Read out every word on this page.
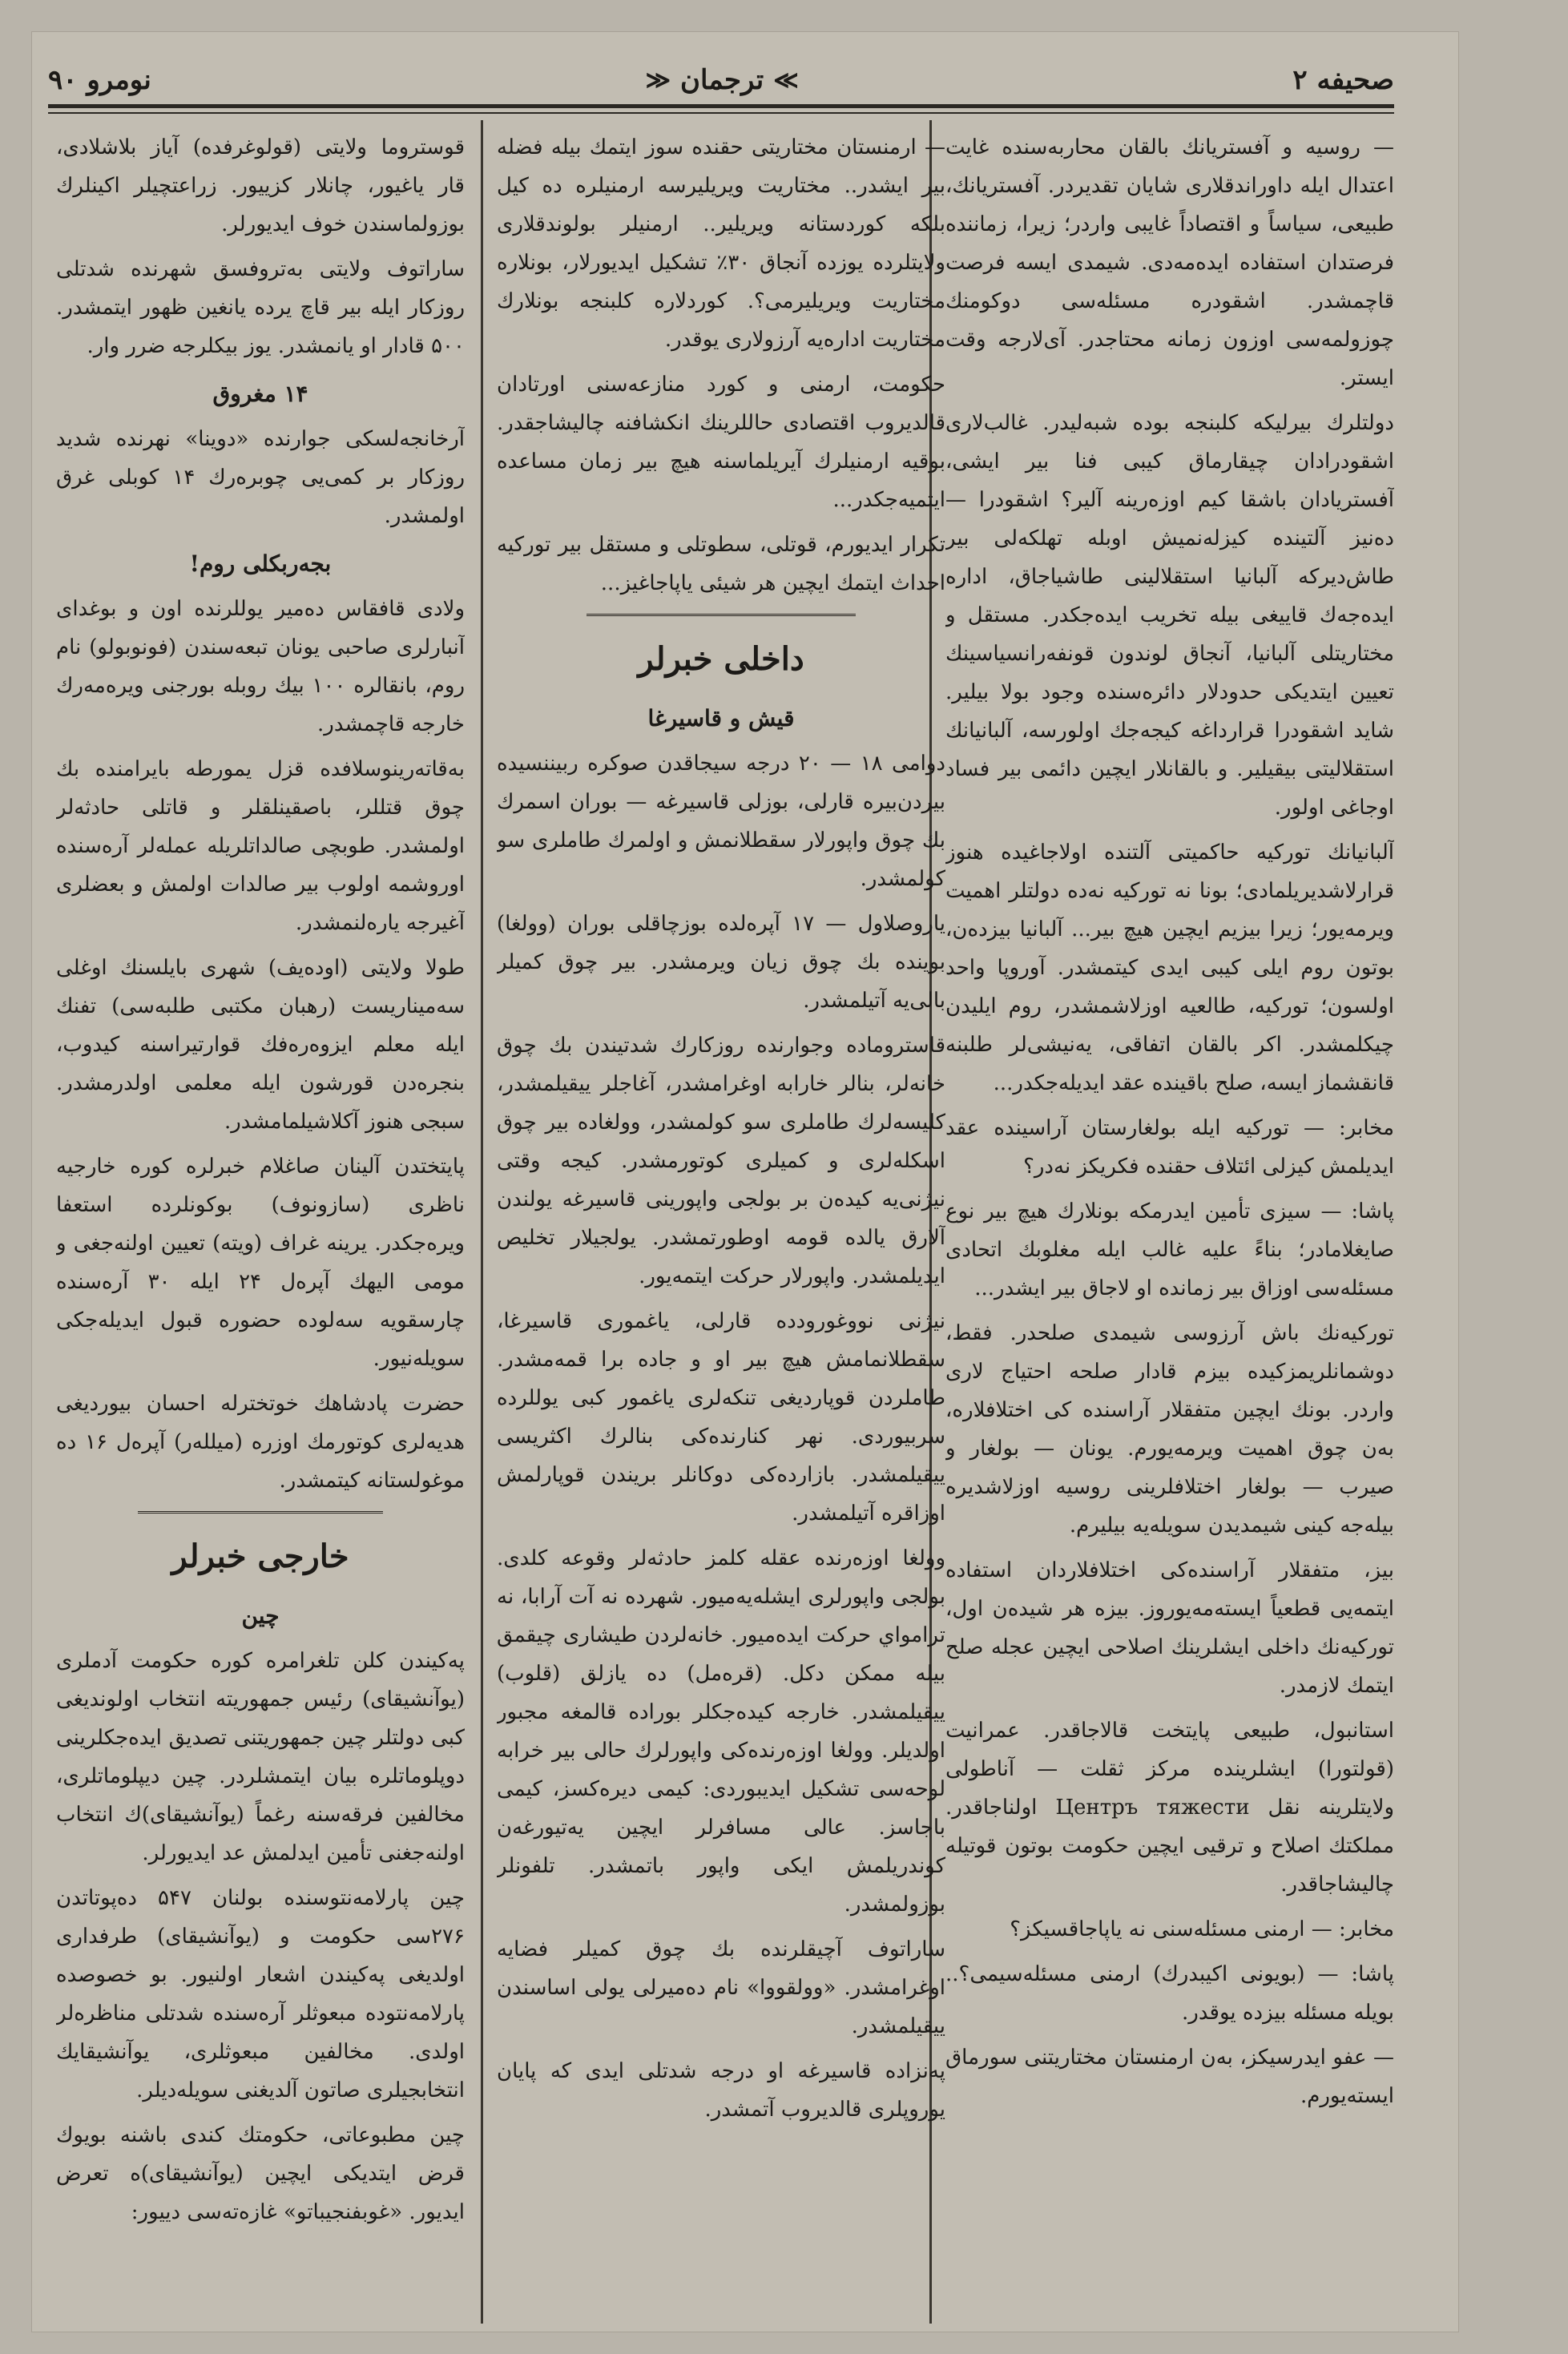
صحیفه ۲
≫
ترجمان
≪
نومرو ۹۰

— روسیه و آفستریانك بالقان محاربه‌سنده غایت اعتدال ایله داوراندقلاری شایان تقدیردر. آفستریانك، طبیعی، سیاساً و اقتصاداً غایبی واردر؛ زیرا، زماننده فرصتدان استفاده ایده‌مه‌دی. شیمدی ایسه فرصت قاچمشدر. اشقودره مسئله‌سی دوکومنك چوزولمه‌سی اوزون زمانه محتاجدر. آی‌لارجه وقت ایستر.

دولتلرك بیرلیکه کلبنجه بوده شبه‌لیدر. غالب‌لاری اشقودرادان چیقارماق کیبی فنا بیر ایشی، آفستریادان باشقا کیم اوزه‌رینه آلیر؟ اشقودرا — دەنیز آلتینده کیزله‌نمیش اوبله تهلکه‌لی بیر طاش‌دیرکه آلبانیا استقلالینی طاشیاجاق، اداره ایده‌جه‌ك قاییغی بیله تخریب ایده‌جکدر. مستقل و مختاریتلی آلبانیا، آنجاق لوندون قونفه‌رانسیاسینك تعیین ایتدیکی حدودلار دائره‌سنده وجود بولا بیلیر. شاید اشقودرا قرارداغه کیجه‌جك اولورسه، آلبانیانك استقلالیتی بیقیلیر. و بالقانلار ایچین دائمی بیر فساد اوجاغی اولور.

آلبانیانك تورکیه حاکمیتی آلتنده اولاجاغیده هنوز قرارلاشدیریلمادی؛ بونا نه تورکیه نەده دولتلر اهمیت ویرمه‌یور؛ زیرا بیزیم ایچین هیچ بیر... آلبانیا بیزده‌ن، بوتون روم ایلی کیبی ایدی کیتمشدر. آوروپا واحد اولسون؛ تورکیه، طالعیه اوزلاشمشدر، روم ایلیدن چیکلمشدر. اکر بالقان اتفاقی، یەنیشی‌لر طلبنه قانقشماز ایسه، صلح باقینده عقد ایدیلەجکدر...

مخابر: — تورکیه ایله بولغارستان آراسینده عقد ایدیلمش کیزلی ائتلاف حقنده فکریکز نه‌در؟

پاشا: — سیزی تأمین ایدرمکه بونلارك هیچ بیر نوع صایغلامادر؛ بناءً علیه غالب ایله مغلوبك اتحادی مسئله‌سی اوزاق بیر زمانده او لاجاق بیر ایشدر...

تورکیه‌نك باش آرزوسی شیمدی صلحدر. فقط، دوشمانلریمزکیده بیزم قادار صلحه احتیاج لاری واردر. بونك ایچین متفقلار آراسنده کی اختلافلاره، بەن چوق اهمیت ویرمه‌یورم. یونان — بولغار و صیرب — بولغار اختلافلرینی روسیه اوزلاشدیره بیله‌جه کینی شیمدیدن سویله‌یه بیلیرم.

بیز، متفقلار آراسنده‌کی اختلافلاردان استفاده ایتمه‌یی قطعیاً ایستەمەیوروز. بیزه هر شیدەن اول، تورکیه‌نك داخلی ایشلرینك اصلاحی ایچین عجله صلح ایتمك لازمدر.

استانبول، طبیعی پایتخت قالاجاقدر. عمرانیت (قولتورا) ایشلرینده مرکز ثقلت — آناطولی ولایتلرینه نقل Центръ тяжести اولناجاقدر. مملکتك اصلاح و ترقیی ایچین حکومت بوتون قوتیله چالیشاجاقدر.

مخابر: — ارمنی مسئله‌سنی نه یاپاجاقسیکز؟

پاشا: — (بویونی اکیبدرك) ارمنی مسئله‌سیمی؟.. بویله مسئله بیزده یوقدر.

— عفو ایدرسیکز، بەن ارمنستان مختاریتنی سورماق ایسته‌یورم.

— ارمنستان مختاریتی حقنده سوز ایتمك بیله فضله بیر ایشدر.. مختاریت ویریلیرسه ارمنیلره ده کیل بلکه کوردستانه ویریلیر.. ارمنیلر بولوندقلاری ولایتلرده یوزده آنجاق ۳۰٪ تشکیل ایدیورلار، بونلاره مختاریت ویریلیرمی؟. کوردلاره کلبنجه بونلارك مختاریت اداره‌یه آرزولاری یوقدر.

حکومت، ارمنی و کورد منازعه‌سنی اورتادان قالدیروب اقتصادی حاللرینك انکشافنه چالیشاجقدر. بوقیه ارمنیلرك آیریلماسنه هیچ بیر زمان مساعده ایتمیه‌جکدر...

تکرار ایدیورم، قوتلی، سطوتلی و مستقل بیر تورکیه احداث ایتمك ایچین هر شیئی یاپاجاغیز...

داخلی خبرلر
قیش و قاسیرغا

دوامی ۱۸ — ۲۰ درجه سیجاقدن صوکره ربیننسیده بیردن‌بیره قارلی، بوزلی قاسیرغه — بوران اسمرك بك چوق واپورلار سقطلانمش و اولمرك طاملری سو کولمشدر.

یاروصلاول — ۱۷ آپره‌لده بوزچاقلی بوران (وولغا) بوینده بك چوق زیان ویرمشدر. بیر چوق کمیلر بالی‌یه آتیلمشدر.

قاستروماده وجوارنده روزکارك شدتیندن بك چوق خانەلر، بنالر خارابه اوغرامشدر، آغاجلر ییقیلمشدر، کلیسه‌لرك طاملری سو کولمشدر، وولغاده بیر چوق اسکله‌لری و کمیلری کوتورمشدر. کیجه وقتی نیژنی‌یه کیدەن بر بولجی واپورینی قاسیرغه یولندن آلارق یالده قومه اوطورتمشدر. یولجیلار تخلیص ایدیلمشدر. واپورلار حرکت ایتمه‌یور.

نیژنی نووغورودده قارلی، یاغموری قاسیرغا، سقطلانمامش هیچ بیر او و جاده برا قمه‌مشدر. طاملردن قوپاردیغی تنکه‌لری یاغمور کبی یوللرده سربیوردی. نهر کنارنده‌کی بنالرك اکثریسی ییقیلمشدر. بازارده‌کی دوکانلر بریندن قوپارلمش اوزاقره آتیلمشدر.

وولغا اوزه‌رنده عقله کلمز حادثه‌لر وقوعه کلدی. بولجی واپورلری ایشله‌یەمیور. شهرده نه آت آرابا، نه ترامواي حرکت ایده‌میور. خانه‌لردن طیشاری چیقمق بیله ممکن دکل. (قرەمل) ده یازلق (قلوب) ییقیلمشدر. خارجه کیدەجکلر بوراده قالمغه مجبور اولدیلر. وولغا اوزه‌رنده‌کی واپورلرك حالی بیر خرابه لوحه‌سی تشکیل ایدیبوردی: کیمی دیره‌کسز، کیمی باجاسز. عالی مسافرلر ایچین یه‌تیورغەن کوندریلمش ایکی واپور باتمشدر. تلفونلر بوزولمشدر.

ساراتوف آچیقلرنده بك چوق کمیلر فضایه اوغرامشدر. «وولقووا» نام دەمیرلی یولی اساسندن ییقیلمشدر.

په‌نزاده قاسیرغه او درجه شدتلی ایدی که پایان یوروپلری قالدیروب آتمشدر.

قوستروما ولایتی (قولوغرفده) آیاز بلاشلادی، قار یاغیور، چانلار کزییور. زراعتچیلر اکینلرك بوزولماسندن خوف ایدیورلر.

ساراتوف ولایتی بەتروفسق شهرنده شدتلی روزکار ایله بیر قاچ یرده یانغین ظهور ایتمشدر. ۵۰۰ قادار او یانمشدر. یوز بیکلرجه ضرر وار.

۱۴ مغروق

آرخانجەلسکی جوارنده «دوینا» نهرنده شدید روزکار بر کمی‌یی چوبرەرك ۱۴ کوبلی غرق اولمشدر.

بجەربکلی روم!

ولادی قافقاس دەمیر یوللرنده اون و بوغدای آنبارلری صاحبی یونان تبعه‌سندن (فونوبولو) نام روم، بانقالره ۱۰۰ بیك روبله بورجنی ویره‌مەرك خارجه قاچمشدر.

به‌قاته‌رینوسلافده قزل یمورطه بایرامنده بك چوق قتللر، باصقینلقلر و قاتلی حادثه‌لر اولمشدر. طوبچی صالداتلریله عمله‌لر آرەسنده اوروشمه اولوب بیر صالدات اولمش و بعضلری آغیرجه یارەلنمشدر.

طولا ولایتی (اوده‌یف) شهری بایلسنك اوغلی سه‌میناریست (رهبان مکتبی طلبه‌سی) تفنك ایله معلم ایزوه‌رەفك قوارتیراسنه کیدوب، بنجره‌دن قورشون ایله معلمی اولدرمشدر. سبجی هنوز آکلاشیلمامشدر.

پایتختدن آلینان صاغلام خبرلره کوره خارجیه ناظری (سازونوف) بوکونلرده استعفا ویره‌جکدر. یرینه غراف (ویته) تعیین اولنه‌جغی و مومی الیهك آپرەل ۲۴ ایله ۳۰ آرەسنده چارسقویه سه‌لوده حضوره قبول ایدیله‌جکی سویله‌نیور.

حضرت پادشاهك خوتخترله احسان بیوردیغی هدیه‌لری کوتورمك اوزره (میلله‌ر) آپرەل ۱۶ ده موغولستانه کیتمشدر.

خارجی خبرلر
چین

په‌کیندن کلن تلغرامره کوره حکومت آدملری (یوآنشیقای) رئیس جمهوریته انتخاب اولوندیغی کبی دولتلر چین جمهوریتنی تصدیق ایده‌جکلرینی دوپلوماتلره بیان ایتمشلردر. چین دیپلوماتلری، مخالفین فرقه‌سنه رغماً (یوآنشیقای)ك انتخاب اولنه‌جغنی تأمین ایدلمش عد ایدیورلر.

چین پارلامه‌نتوسنده بولنان ۵۴۷ دەپوتاتدن ۲۷۶سی حکومت و (یوآنشیقای) طرفداری اولدیغی په‌کیندن اشعار اولنیور. بو خصوصده پارلامه‌نتوده مبعوثلر آرەسنده شدتلی مناظرەلر اولدی. مخالفین مبعوثلری، یوآنشیقایك انتخابجیلری صاتون آلدیغنی سویلەدیلر.

چین مطبوعاتی، حکومتك کندی باشنه بویوك قرض ایتدیکی ایچین (یوآنشیقای)ه تعرض ایدیور. «غوبفنجیباتو» غازه‌تەسی دییور:
